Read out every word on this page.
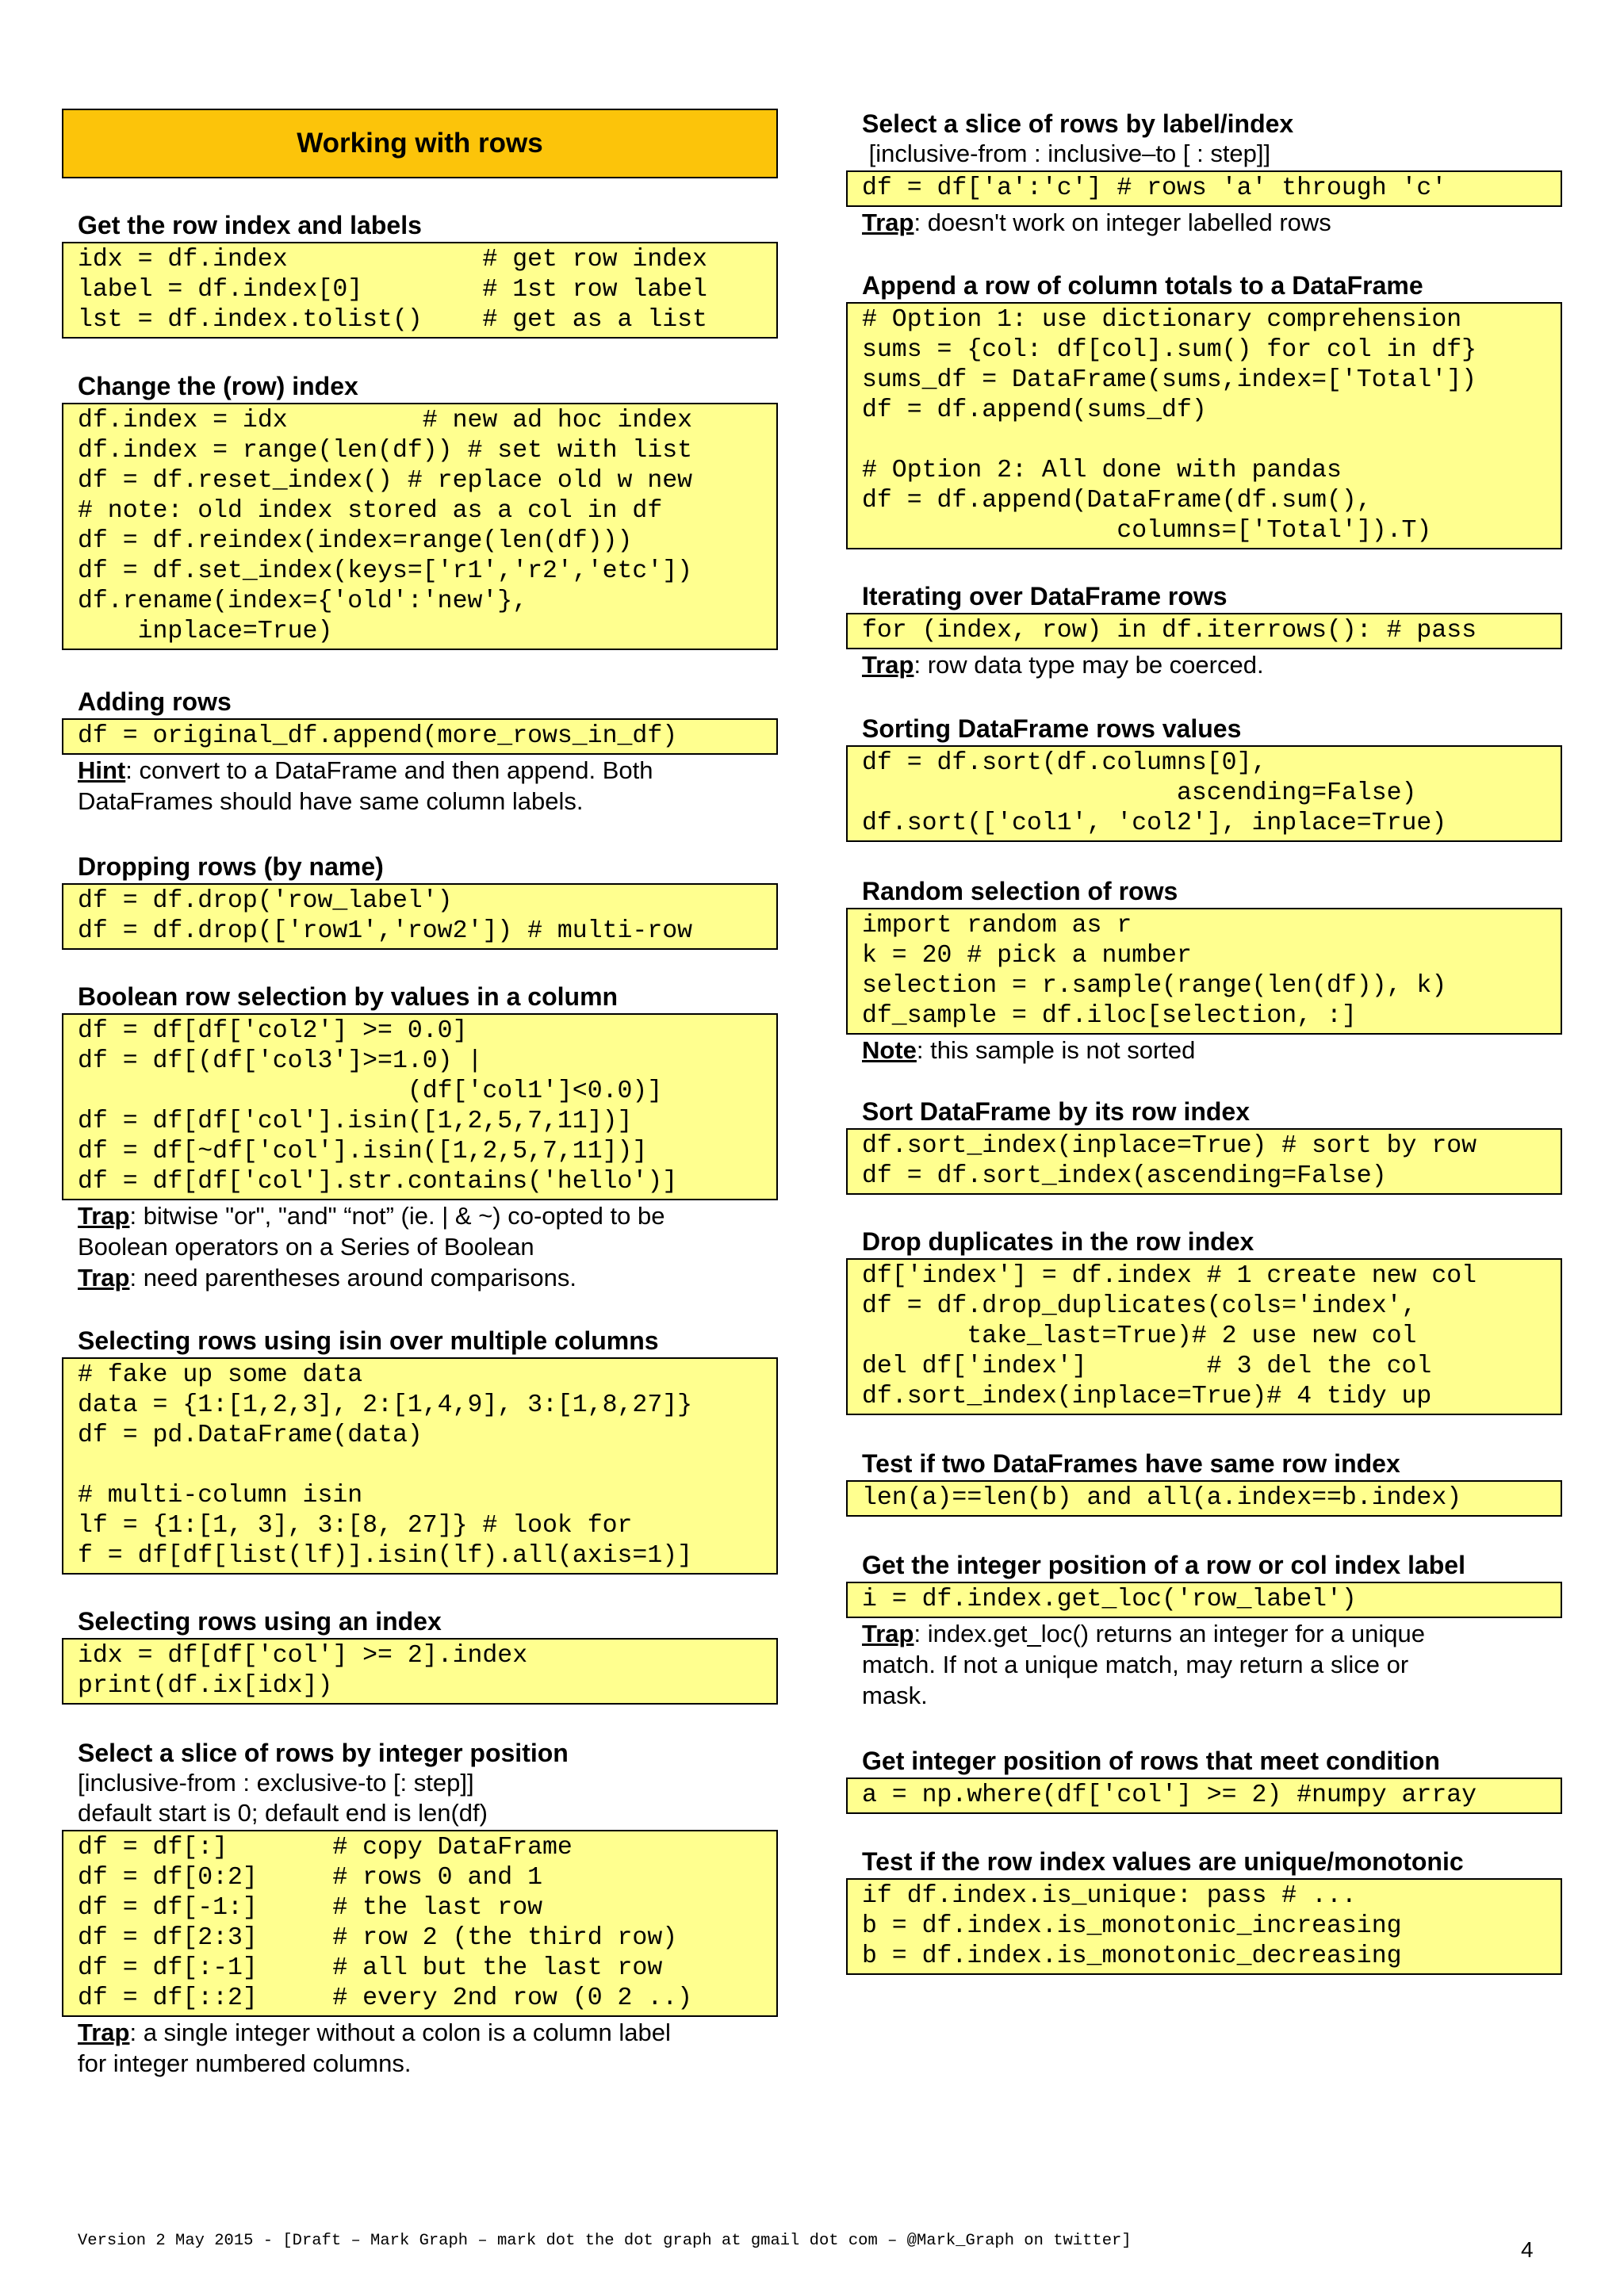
Working with rows
Get the row index and labels
idx = df.index             # get row index
label = df.index[0]        # 1st row label
lst = df.index.tolist()    # get as a list
Change the (row) index
df.index = idx         # new ad hoc index
df.index = range(len(df)) # set with list
df = df.reset_index() # replace old w new
# note: old index stored as a col in df
df = df.reindex(index=range(len(df)))
df = df.set_index(keys=['r1','r2','etc'])
df.rename(index={'old':'new'},
inplace=True)
Adding rows
df = original_df.append(more_rows_in_df)
Hint: convert to a DataFrame and then append. Both
DataFrames should have same column labels.
Dropping rows (by name)
df = df.drop('row_label')
df = df.drop(['row1','row2']) # multi-row
Boolean row selection by values in a column
df = df[df['col2'] >= 0.0]
df = df[(df['col3']>=1.0) |
(df['col1']<0.0)]
df = df[df['col'].isin([1,2,5,7,11])]
df = df[~df['col'].isin([1,2,5,7,11])]
df = df[df['col'].str.contains('hello')]
Trap: bitwise "or", "and" “not” (ie. | & ~) co-opted to be
Boolean operators on a Series of Boolean
Trap: need parentheses around comparisons.
Selecting rows using isin over multiple columns
# fake up some data
data = {1:[1,2,3], 2:[1,4,9], 3:[1,8,27]}
df = pd.DataFrame(data)
# multi-column isin
lf = {1:[1, 3], 3:[8, 27]} # look for
f = df[df[list(lf)].isin(lf).all(axis=1)]
Selecting rows using an index
idx = df[df['col'] >= 2].index
print(df.ix[idx])
Select a slice of rows by integer position
[inclusive-from : exclusive-to [: step]]
default start is 0; default end is len(df)
df = df[:]       # copy DataFrame
df = df[0:2]     # rows 0 and 1
df = df[-1:]     # the last row
df = df[2:3]     # row 2 (the third row)
df = df[:-1]     # all but the last row
df = df[::2]     # every 2nd row (0 2 ..)
Trap: a single integer without a colon is a column label
for integer numbered columns.
Select a slice of rows by label/index
[inclusive-from : inclusive–to [ : step]]
df = df['a':'c'] # rows 'a' through 'c'
Trap: doesn't work on integer labelled rows
Append a row of column totals to a DataFrame
# Option 1: use dictionary comprehension
sums = {col: df[col].sum() for col in df}
sums_df = DataFrame(sums,index=['Total'])
df = df.append(sums_df)
# Option 2: All done with pandas
df = df.append(DataFrame(df.sum(),
columns=['Total']).T)
Iterating over DataFrame rows
for (index, row) in df.iterrows(): # pass
Trap: row data type may be coerced.
Sorting DataFrame rows values
df = df.sort(df.columns[0],
ascending=False)
df.sort(['col1', 'col2'], inplace=True)
Random selection of rows
import random as r
k = 20 # pick a number
selection = r.sample(range(len(df)), k)
df_sample = df.iloc[selection, :]
Note: this sample is not sorted
Sort DataFrame by its row index
df.sort_index(inplace=True) # sort by row
df = df.sort_index(ascending=False)
Drop duplicates in the row index
df['index'] = df.index # 1 create new col
df = df.drop_duplicates(cols='index',
take_last=True)# 2 use new col
del df['index']        # 3 del the col
df.sort_index(inplace=True)# 4 tidy up
Test if two DataFrames have same row index
len(a)==len(b) and all(a.index==b.index)
Get the integer position of a row or col index label
i = df.index.get_loc('row_label')
Trap: index.get_loc() returns an integer for a unique
match. If not a unique match, may return a slice or
mask.
Get integer position of rows that meet condition
a = np.where(df['col'] >= 2) #numpy array
Test if the row index values are unique/monotonic
if df.index.is_unique: pass # ...
b = df.index.is_monotonic_increasing
b = df.index.is_monotonic_decreasing
Version 2 May 2015 - [Draft – Mark Graph – mark dot the dot graph at gmail dot com – @Mark_Graph on twitter]	4
